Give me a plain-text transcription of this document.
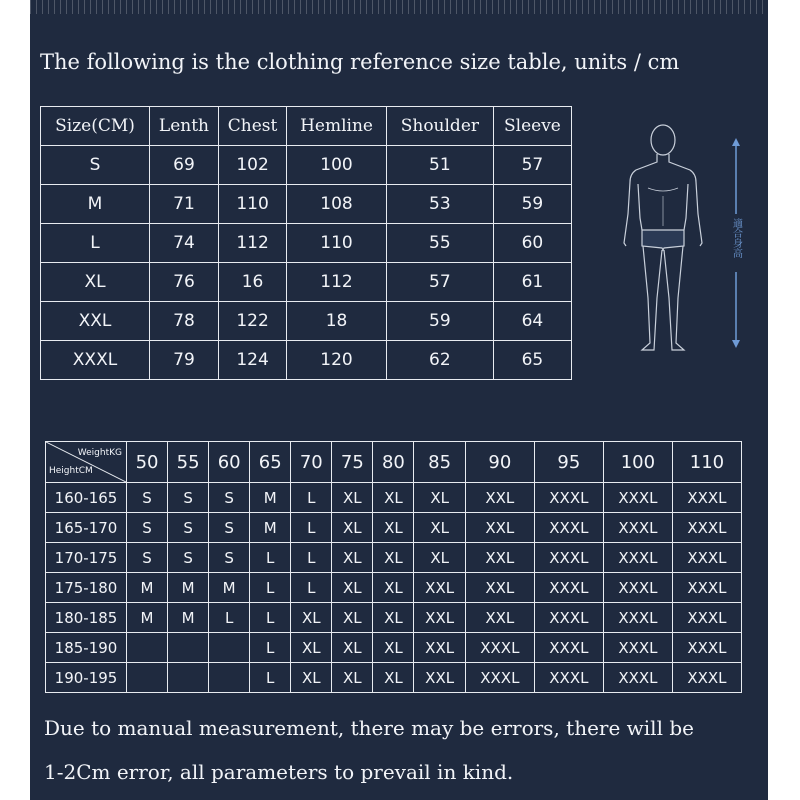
The following is the clothing reference size table, units / cm
Size(CM)	Lenth	Chest	Hemline	Shoulder	Sleeve
S	69	102	100	51	57
M	71	110	108	53	59
L	74	112	110	55	60
XL	76	16	112	57	61
XXL	78	122	18	59	64
XXXL	79	124	120	62	65
適合身高
WeightKG
HeightCM	50	55	60	65	70	75	80	85	90	95	100	110
160-165	S	S	S	M	L	XL	XL	XL	XXL	XXXL	XXXL	XXXL
165-170	S	S	S	M	L	XL	XL	XL	XXL	XXXL	XXXL	XXXL
170-175	S	S	S	L	L	XL	XL	XL	XXL	XXXL	XXXL	XXXL
175-180	M	M	M	L	L	XL	XL	XXL	XXL	XXXL	XXXL	XXXL
180-185	M	M	L	L	XL	XL	XL	XXL	XXL	XXXL	XXXL	XXXL
185-190				L	XL	XL	XL	XXL	XXXL	XXXL	XXXL	XXXL
190-195				L	XL	XL	XL	XXL	XXXL	XXXL	XXXL	XXXL
Due to manual measurement, there may be errors, there will be
1-2Cm error, all parameters to prevail in kind.
